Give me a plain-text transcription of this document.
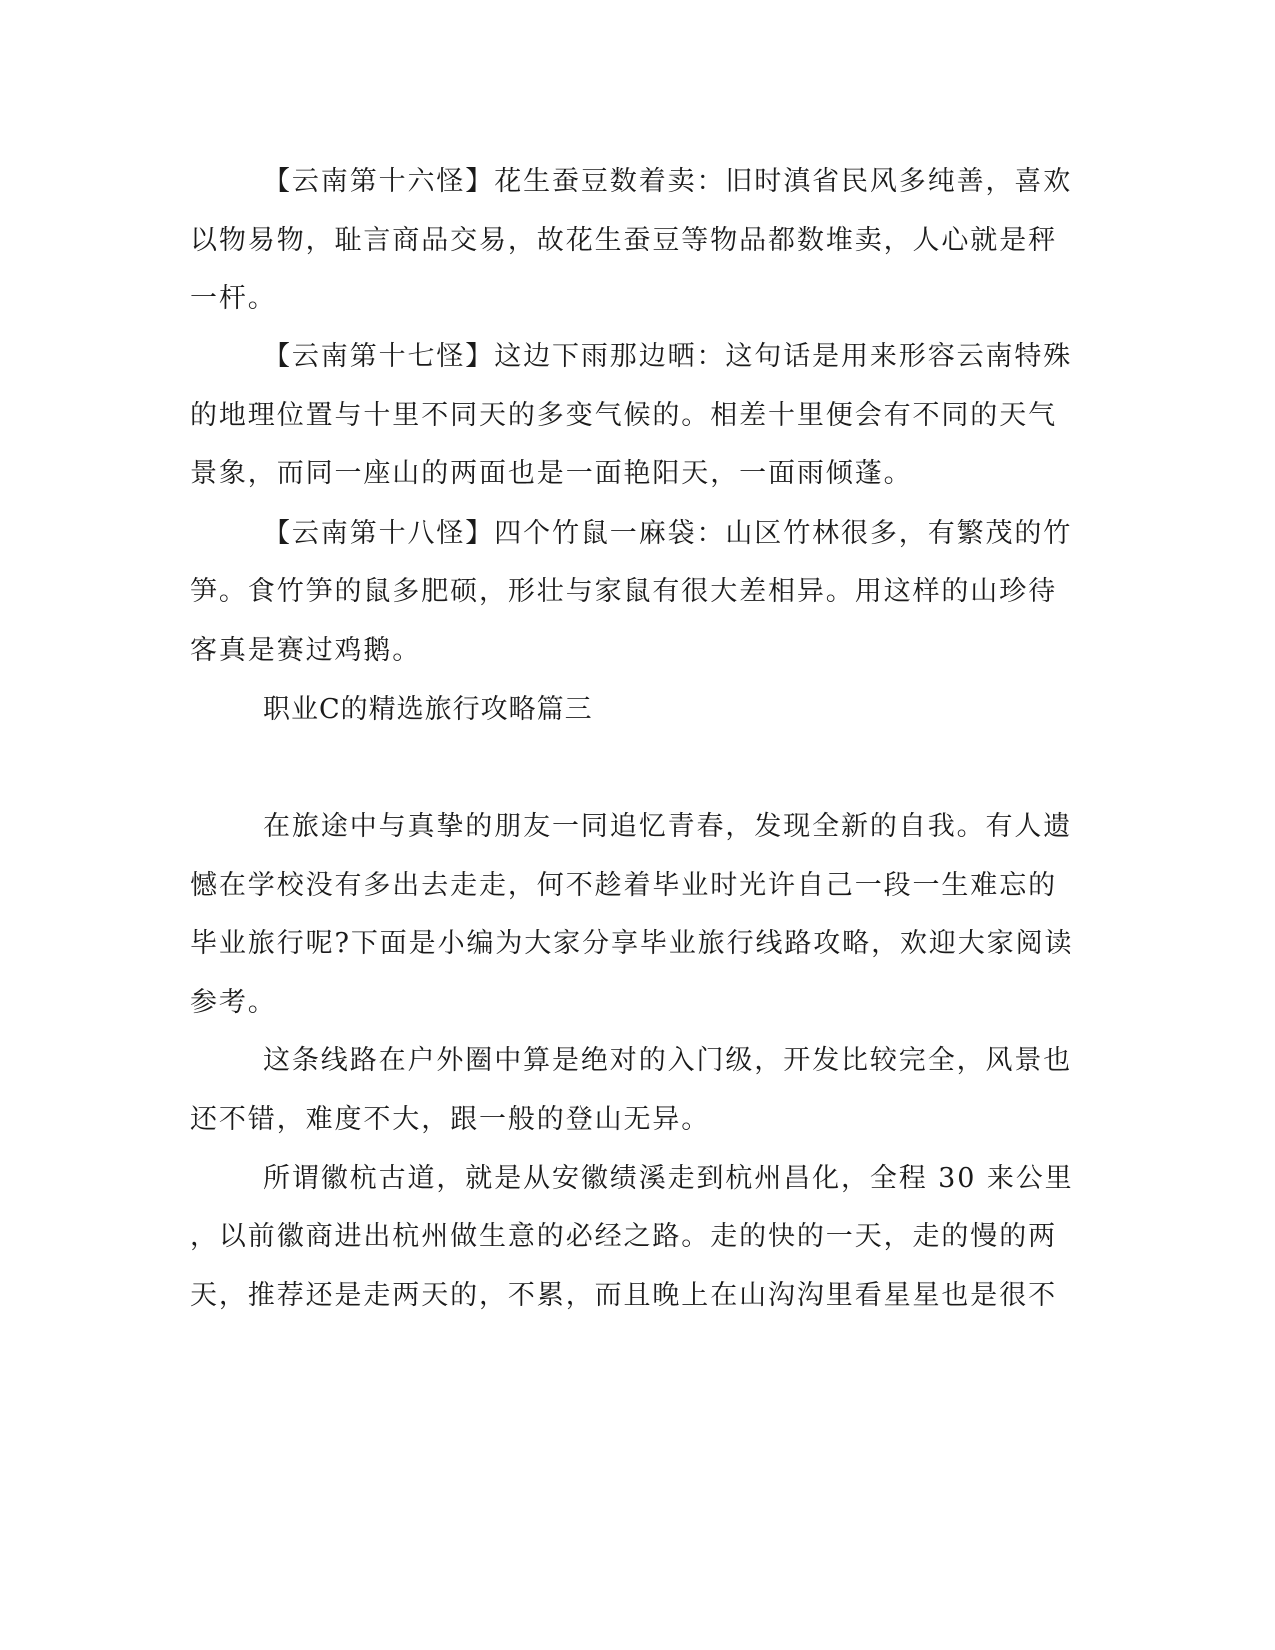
【云南第十六怪】花生蚕豆数着卖：旧时滇省民风多纯善，喜欢
以物易物，耻言商品交易，故花生蚕豆等物品都数堆卖，人心就是秤
一杆。
【云南第十七怪】这边下雨那边晒：这句话是用来形容云南特殊
的地理位置与十里不同天的多变气候的。相差十里便会有不同的天气
景象，而同一座山的两面也是一面艳阳天，一面雨倾蓬。
【云南第十八怪】四个竹鼠一麻袋：山区竹林很多，有繁茂的竹
笋。食竹笋的鼠多肥硕，形壮与家鼠有很大差相异。用这样的山珍待
客真是赛过鸡鹅。
职业C的精选旅行攻略篇三
在旅途中与真挚的朋友一同追忆青春，发现全新的自我。有人遗
憾在学校没有多出去走走，何不趁着毕业时光许自己一段一生难忘的
毕业旅行呢?下面是小编为大家分享毕业旅行线路攻略，欢迎大家阅读
参考。
这条线路在户外圈中算是绝对的入门级，开发比较完全，风景也
还不错，难度不大，跟一般的登山无异。
所谓徽杭古道，就是从安徽绩溪走到杭州昌化，全程 30 来公里
，以前徽商进出杭州做生意的必经之路。走的快的一天，走的慢的两
天，推荐还是走两天的，不累，而且晚上在山沟沟里看星星也是很不
